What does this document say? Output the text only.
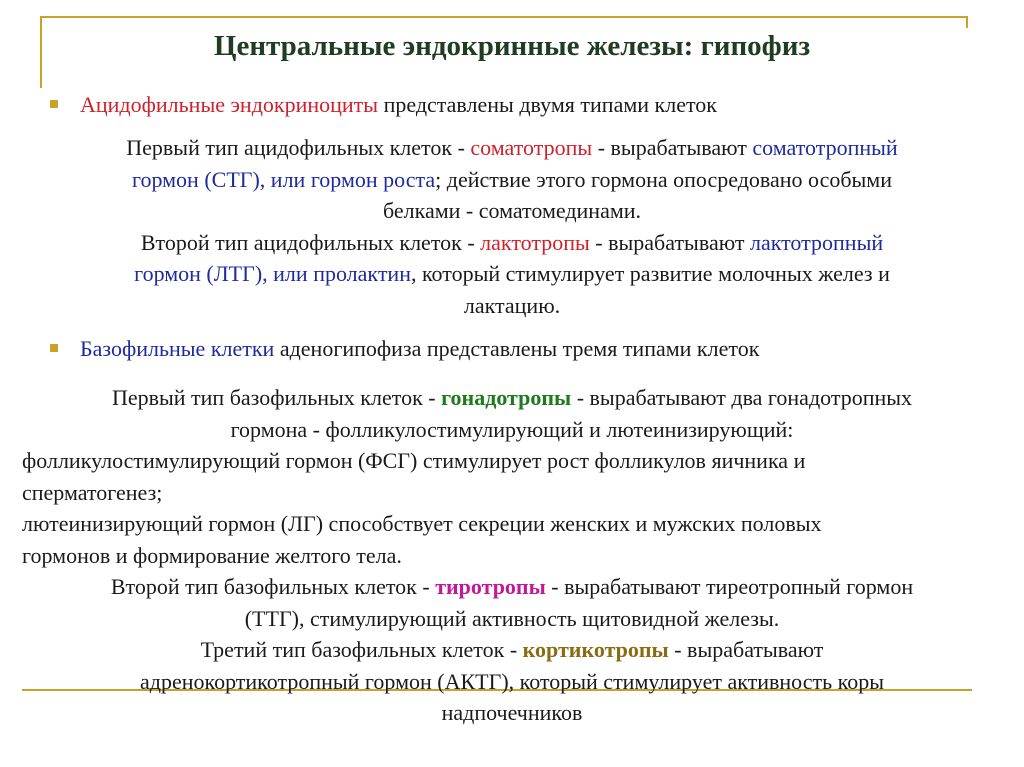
Центральные эндокринные железы: гипофиз
Ацидофильные эндокриноциты представлены двумя типами клеток
Первый тип ацидофильных клеток - соматотропы - вырабатывают соматотропный
гормон (СТГ), или гормон роста; действие этого гормона опосредовано особыми
белками - соматомединами.
Второй тип ацидофильных клеток - лактотропы - вырабатывают лактотропный
гормон (ЛТГ), или пролактин, который стимулирует развитие молочных желез и
лактацию.
Базофильные клетки аденогипофиза представлены тремя типами клеток
Первый тип базофильных клеток - гонадотропы - вырабатывают два гонадотропных
гормона - фолликулостимулирующий и лютеинизирующий:
фолликулостимулирующий гормон (ФСГ) стимулирует рост фолликулов яичника и
сперматогенез;
лютеинизирующий гормон (ЛГ) способствует секреции женских и мужских половых
гормонов и формирование желтого тела.
Второй тип базофильных клеток - тиротропы - вырабатывают тиреотропный гормон
(ТТГ), стимулирующий активность щитовидной железы.
Третий тип базофильных клеток - кортикотропы - вырабатывают
адренокортикотропный гормон (АКТГ), который стимулирует активность коры
надпочечников
